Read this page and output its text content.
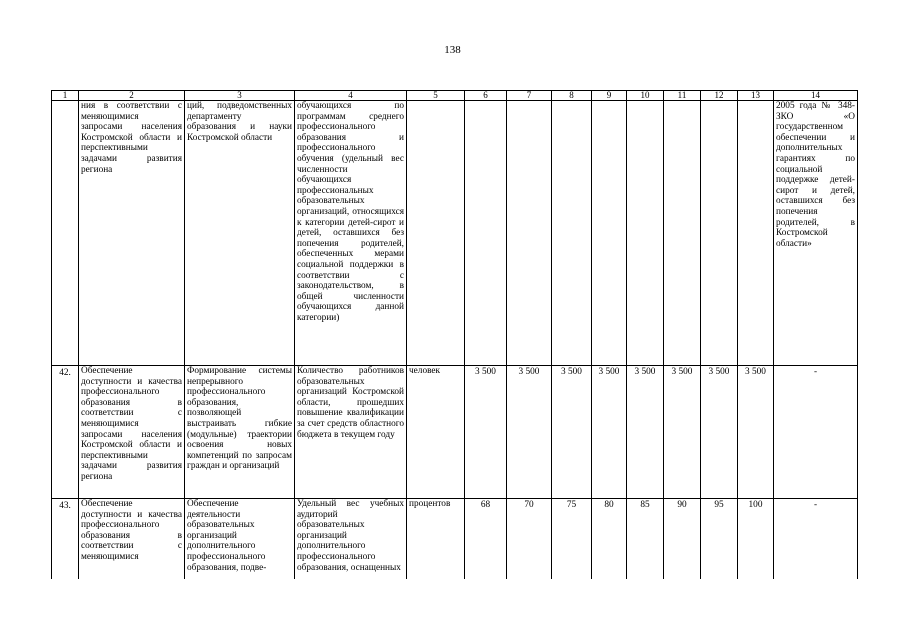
138
1	2	3	4	5	6	7	8	9	10	11	12	13	14
	ния в соответствии с меняющимися запросами населения Костромской области и перспективными задачами развития региона	ций, подведомственных департаменту образования и науки Костромской области	обучающихся по программам среднего профессионального образования и профессионального обучения (удельный вес численности обучающихся профессиональных образовательных организаций, относящихся к категории детей-сирот и детей, оставшихся без попечения родителей, обеспеченных мерами социальной поддержки в соответствии с законодательством, в общей численности обучающихся данной категории)										2005 года № 348-ЗКО «О государственном обеспечении и дополнительных гарантиях по социальной поддержке детей-сирот и детей, оставшихся без попечения родителей, в Костромской области»
42.	Обеспечение доступности и качества профессионального образования в соответствии с меняющимися запросами населения Костромской области и перспективными задачами развития региона	Формирование системы непрерывного профессионального образования, позволяющей выстраивать гибкие (модульные) траектории освоения новых компетенций по запросам граждан и организаций	Количество работников образовательных организаций Костромской области, прошедших повышение квалификации за счет средств областного бюджета в текущем году	человек	3 500	3 500	3 500	3 500	3 500	3 500	3 500	3 500	-
43.	Обеспечение доступности и качества профессионального образования в соответствии с меняющимися	Обеспечение деятельности образовательных организаций дополнительного профессионального образования, подве-	Удельный вес учебных аудиторий образовательных организаций дополнительного профессионального образования, оснащенных	процентов	68	70	75	80	85	90	95	100	-
